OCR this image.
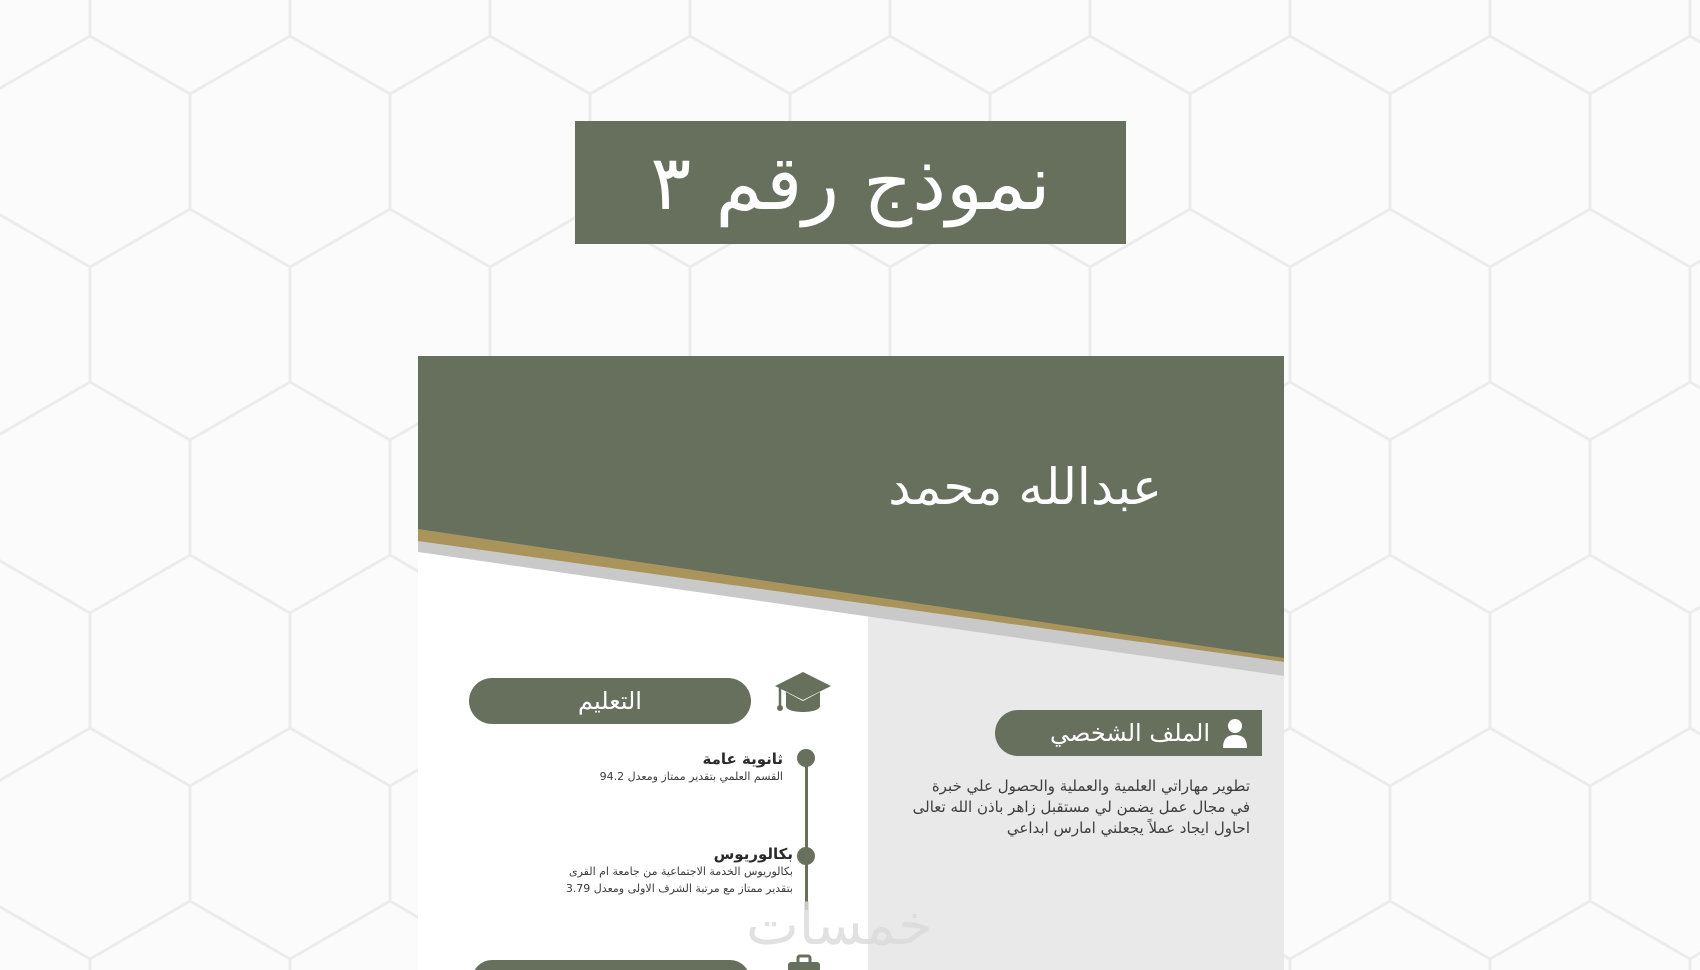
نموذج رقم ٣
عبدالله محمد
الملف الشخصي
تطوير مهاراتي العلمية والعملية والحصول علي خبرة
في مجال عمل يضمن لي مستقبل زاهر باذن الله تعالى
احاول ايجاد عملاً يجعلني امارس ابداعي
التعليم
ثانوية عامة
القسم العلمي بتقدير ممتاز ومعدل 94.2
بكالوريوس
بكالوريوس الخدمة الاجتماعية من جامعة ام القرى
بتقدير ممتاز مع مرتبة الشرف الاولى ومعدل 3.79
خمسات
